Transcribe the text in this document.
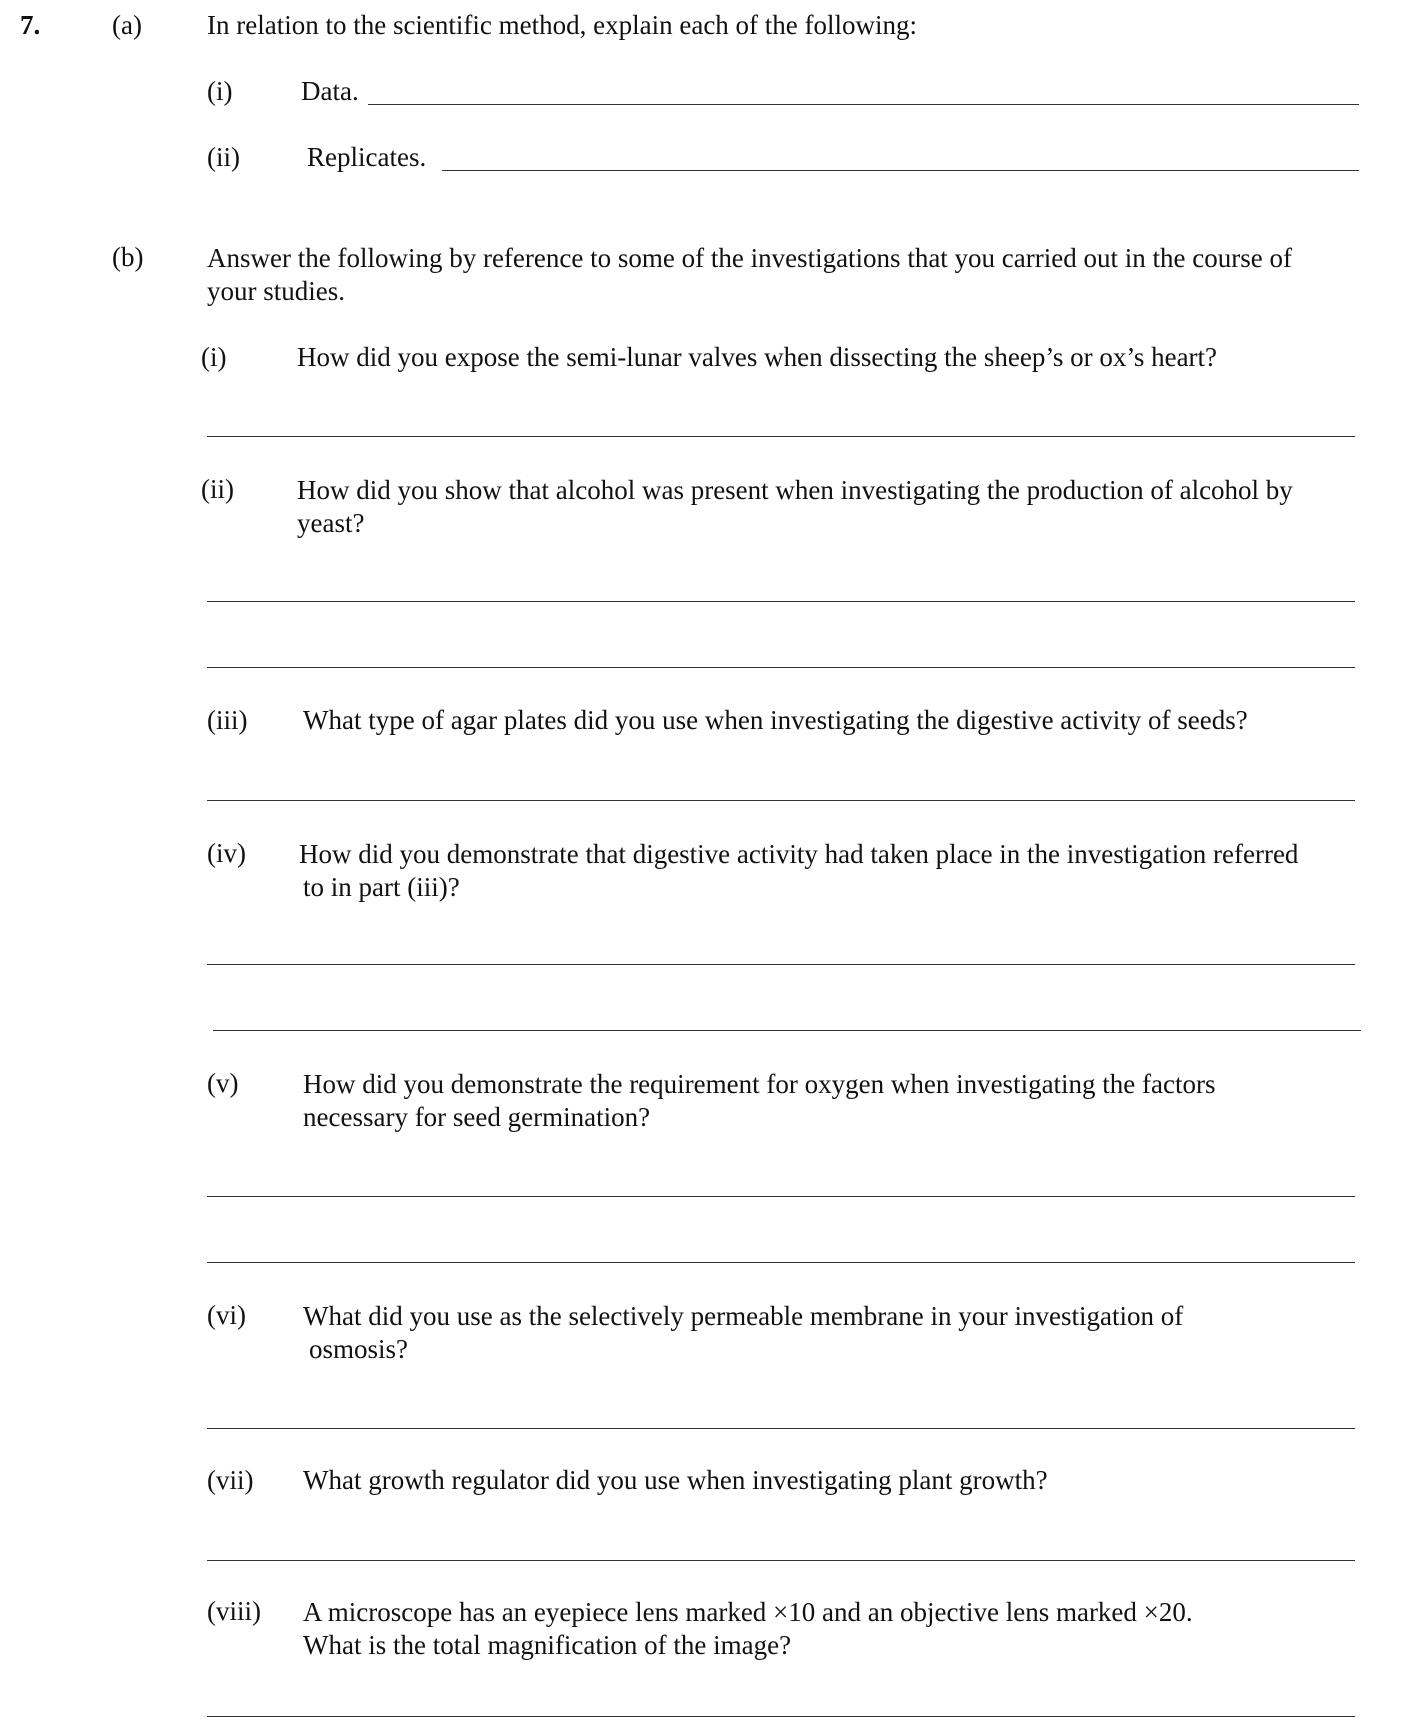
7.	(a) In relation to the scientific method, explain each of the following:
(i)	Data.
(ii) Replicates.
(b) Answer the following by reference to some of the investigations that you carried out in the course of
your studies.
(i)	How did you expose the semi-lunar valves when dissecting the sheep’s or ox’s heart?
(ii) How did you show that alcohol was present when investigating the production of alcohol by
yeast?
(iii) What type of agar plates did you use when investigating the digestive activity of seeds?
(iv) How did you demonstrate that digestive activity had taken place in the investigation referred
to in part (iii)?
(v) How did you demonstrate the requirement for oxygen when investigating the factors
necessary for seed germination?
(vi) What did you use as the selectively permeable membrane in your investigation of
osmosis?
(vii) What growth regulator did you use when investigating plant growth?
(viii) A microscope has an eyepiece lens marked ×10 and an objective lens marked ×20.
What is the total magnification of the image?
